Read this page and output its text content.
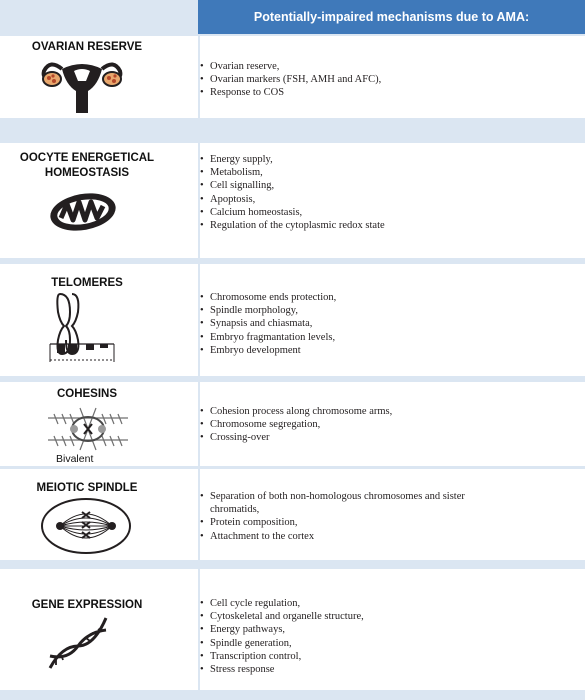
Potentially-impaired mechanisms due to AMA:
OVARIAN RESERVE
• Ovarian reserve,
• Ovarian markers (FSH, AMH and AFC),
• Response to COS
OOCYTE ENERGETICAL HOMEOSTASIS
• Energy supply,
• Metabolism,
• Cell signalling,
• Apoptosis,
• Calcium homeostasis,
• Regulation of the cytoplasmic redox state
TELOMERES
• Chromosome ends protection,
• Spindle morphology,
• Synapsis and chiasmata,
• Embryo fragmantation levels,
• Embryo development
COHESINS
Bivalent
• Cohesion process along chromosome arms,
• Chromosome segregation,
• Crossing-over
MEIOTIC SPINDLE
• Separation of both non-homologous chromosomes and sister chromatids,
• Protein composition,
• Attachment to the cortex
GENE EXPRESSION
•	Cell cycle regulation,
• Cytoskeletal and organelle structure,
• Energy pathways,
• Spindle generation,
• Transcription control,
• Stress response
